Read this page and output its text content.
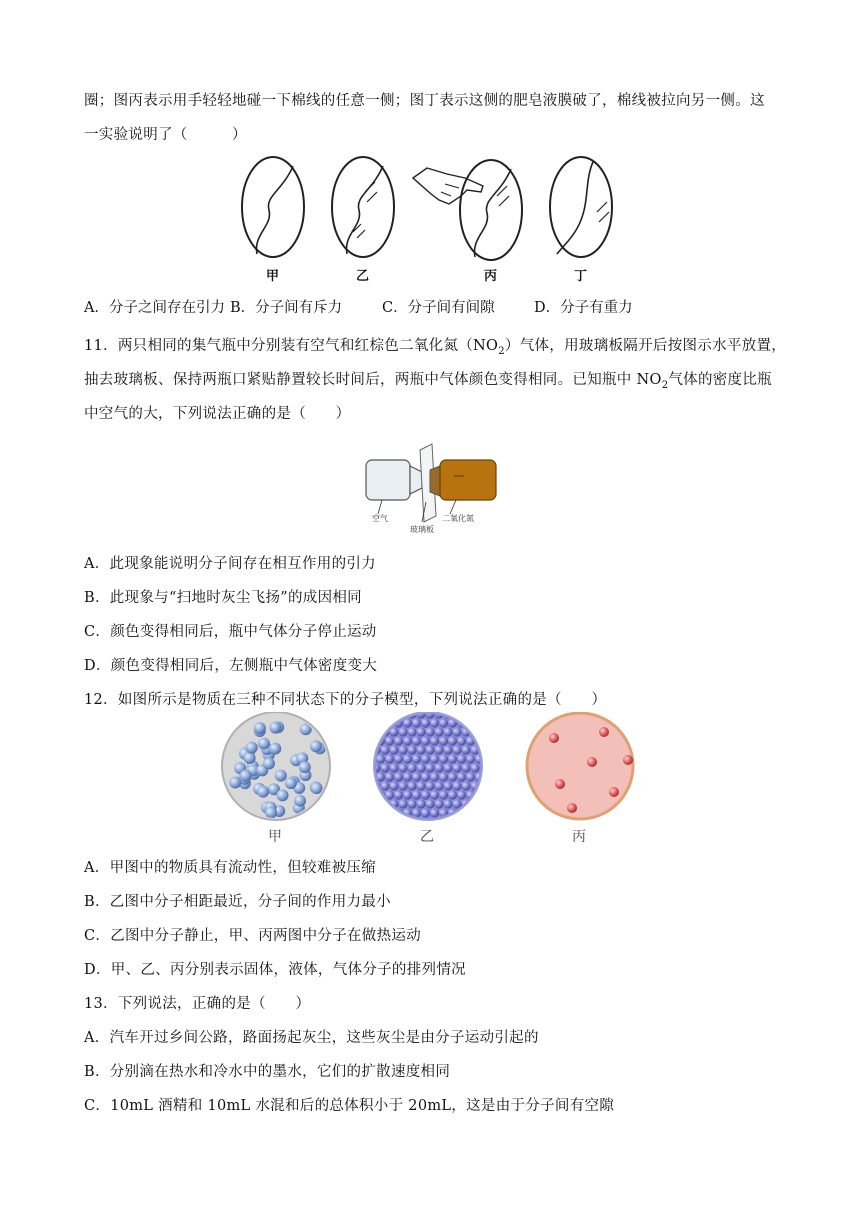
圈；图丙表示用手轻轻地碰一下棉线的任意一侧；图丁表示这侧的肥皂液膜破了，棉线被拉向另一侧。这
一实验说明了（　　　）
甲	乙	丙	丁
A．分子之间存在引力 B．分子间有斥力	C．分子间有间隙	D．分子有重力
11．两只相同的集气瓶中分别装有空气和红棕色二氧化氮$(NO_2)$气体，用玻璃板隔开后按图示水平放置，
抽去玻璃板、保持两瓶口紧贴静置较长时间后，两瓶中气体颜色变得相同。已知瓶中 $NO_2$气体的密度比瓶
中空气的大，下列说法正确的是（　　）
空气	二氧化氮
玻璃板
A．此现象能说明分子间存在相互作用的引力
B．此现象与“扫地时灰尘飞扬”的成因相同
C．颜色变得相同后，瓶中气体分子停止运动
D．颜色变得相同后，左侧瓶中气体密度变大
12．如图所示是物质在三种不同状态下的分子模型，下列说法正确的是（　　）
甲	乙	丙
A．甲图中的物质具有流动性，但较难被压缩
B．乙图中分子相距最近，分子间的作用力最小
C．乙图中分子静止，甲、丙两图中分子在做热运动
D．甲、乙、丙分别表示固体，液体，气体分子的排列情况
13．下列说法，正确的是（　　）
A．汽车开过乡间公路，路面扬起灰尘，这些灰尘是由分子运动引起的
B．分别滴在热水和冷水中的墨水，它们的扩散速度相同
C．10mL 酒精和 10mL 水混和后的总体积小于 20mL，这是由于分子间有空隙
